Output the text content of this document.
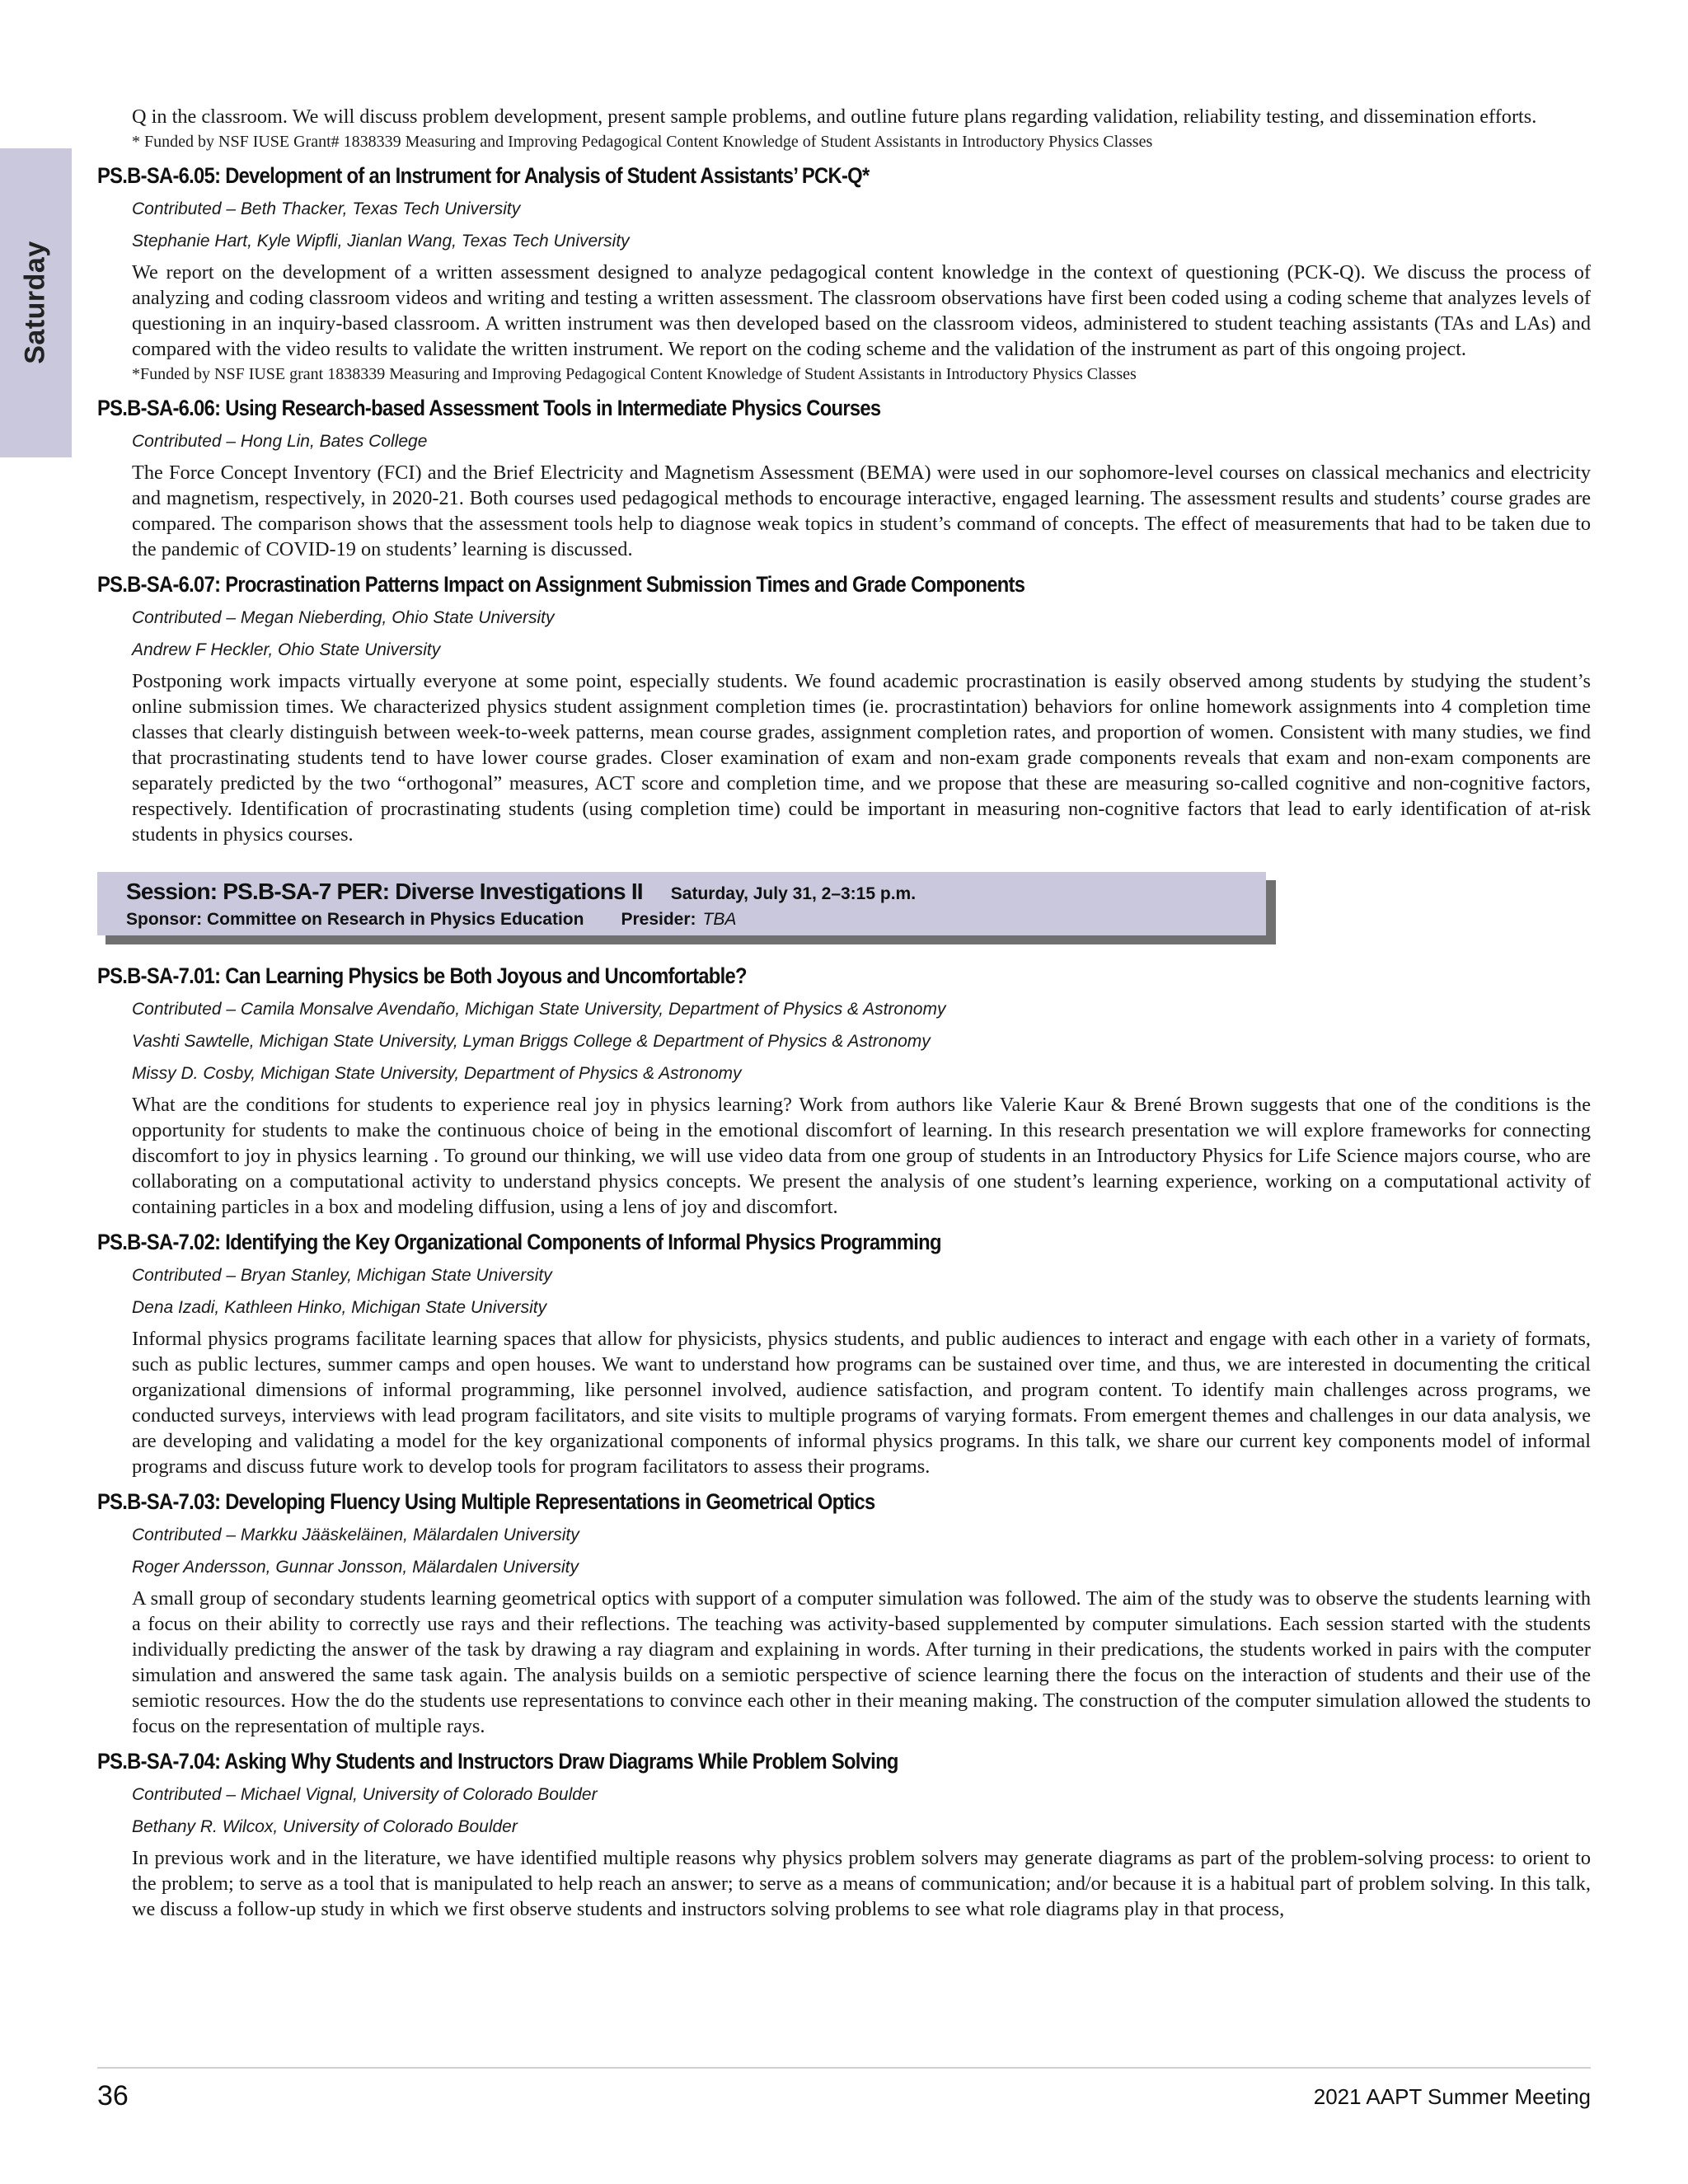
Saturday

Q in the classroom. We will discuss problem development, present sample problems, and outline future plans regarding validation, reliability testing, and dissemination efforts.

* Funded by NSF IUSE Grant# 1838339 Measuring and Improving Pedagogical Content Knowledge of Student Assistants in Introductory Physics Classes

PS.B-SA-6.05: Development of an Instrument for Analysis of Student Assistants’ PCK-Q*
Contributed – Beth Thacker, Texas Tech University
Stephanie Hart, Kyle Wipfli, Jianlan Wang, Texas Tech University

We report on the development of a written assessment designed to analyze pedagogical content knowledge in the context of questioning (PCK-Q). We discuss the process of analyzing and coding classroom videos and writing and testing a written assessment. The classroom observations have first been coded using a coding scheme that analyzes levels of questioning in an inquiry-based classroom. A written instrument was then developed based on the classroom videos, administered to student teaching assistants (TAs and LAs) and compared with the video results to validate the written instrument. We report on the coding scheme and the validation of the instrument as part of this ongoing project.

*Funded by NSF IUSE grant 1838339 Measuring and Improving Pedagogical Content Knowledge of Student Assistants in Introductory Physics Classes

PS.B-SA-6.06: Using Research-based Assessment Tools in Intermediate Physics Courses
Contributed – Hong Lin, Bates College

The Force Concept Inventory (FCI) and the Brief Electricity and Magnetism Assessment (BEMA) were used in our sophomore-level courses on classical mechanics and electricity and magnetism, respectively, in 2020-21. Both courses used pedagogical methods to encourage interactive, engaged learning. The assessment results and students’ course grades are compared. The comparison shows that the assessment tools help to diagnose weak topics in student’s command of concepts. The effect of measurements that had to be taken due to the pandemic of COVID-19 on students’ learning is discussed.

PS.B-SA-6.07: Procrastination Patterns Impact on Assignment Submission Times and Grade Components
Contributed – Megan Nieberding, Ohio State University
Andrew F Heckler, Ohio State University

Postponing work impacts virtually everyone at some point, especially students. We found academic procrastination is easily observed among students by studying the student’s online submission times. We characterized physics student assignment completion times (ie. procrastintation) behaviors for online homework assignments into 4 completion time classes that clearly distinguish between week-to-week patterns, mean course grades, assignment completion rates, and proportion of women. Consistent with many studies, we find that procrastinating students tend to have lower course grades. Closer examination of exam and non-exam grade components reveals that exam and non-exam components are separately predicted by the two “orthogonal” measures, ACT score and completion time, and we propose that these are measuring so-called cognitive and non-cognitive factors, respectively. Identification of procrastinating students (using completion time) could be important in measuring non-cognitive factors that lead to early identification of at-risk students in physics courses.

Session: PS.B-SA-7 PER: Diverse Investigations II Saturday, July 31, 2–3:15 p.m.
Sponsor: Committee on Research in Physics Education Presider: TBA
PS.B-SA-7.01: Can Learning Physics be Both Joyous and Uncomfortable?
Contributed – Camila Monsalve Avendaño, Michigan State University, Department of Physics & Astronomy
Vashti Sawtelle, Michigan State University, Lyman Briggs College & Department of Physics & Astronomy
Missy D. Cosby, Michigan State University, Department of Physics & Astronomy

What are the conditions for students to experience real joy in physics learning? Work from authors like Valerie Kaur & Brené Brown suggests that one of the conditions is the opportunity for students to make the continuous choice of being in the emotional discomfort of learning. In this research presentation we will explore frameworks for connecting discomfort to joy in physics learning . To ground our thinking, we will use video data from one group of students in an Introductory Physics for Life Science majors course, who are collaborating on a computational activity to understand physics concepts. We present the analysis of one student’s learning experience, working on a computational activity of containing particles in a box and modeling diffusion, using a lens of joy and discomfort.

PS.B-SA-7.02: Identifying the Key Organizational Components of Informal Physics Programming
Contributed – Bryan Stanley, Michigan State University
Dena Izadi, Kathleen Hinko, Michigan State University

Informal physics programs facilitate learning spaces that allow for physicists, physics students, and public audiences to interact and engage with each other in a variety of formats, such as public lectures, summer camps and open houses. We want to understand how programs can be sustained over time, and thus, we are interested in documenting the critical organizational dimensions of informal programming, like personnel involved, audience satisfaction, and program content. To identify main challenges across programs, we conducted surveys, interviews with lead program facilitators, and site visits to multiple programs of varying formats. From emergent themes and challenges in our data analysis, we are developing and validating a model for the key organizational components of informal physics programs. In this talk, we share our current key components model of informal programs and discuss future work to develop tools for program facilitators to assess their programs.

PS.B-SA-7.03: Developing Fluency Using Multiple Representations in Geometrical Optics
Contributed – Markku Jääskeläinen, Mälardalen University
Roger Andersson, Gunnar Jonsson, Mälardalen University

A small group of secondary students learning geometrical optics with support of a computer simulation was followed. The aim of the study was to observe the students learning with a focus on their ability to correctly use rays and their reflections. The teaching was activity-based supplemented by computer simulations. Each session started with the students individually predicting the answer of the task by drawing a ray diagram and explaining in words. After turning in their predications, the students worked in pairs with the computer simulation and answered the same task again. The analysis builds on a semiotic perspective of science learning there the focus on the interaction of students and their use of the semiotic resources. How the do the students use representations to convince each other in their meaning making. The construction of the computer simulation allowed the students to focus on the representation of multiple rays.

PS.B-SA-7.04: Asking Why Students and Instructors Draw Diagrams While Problem Solving
Contributed – Michael Vignal, University of Colorado Boulder
Bethany R. Wilcox, University of Colorado Boulder

In previous work and in the literature, we have identified multiple reasons why physics problem solvers may generate diagrams as part of the problem-solving process: to orient to the problem; to serve as a tool that is manipulated to help reach an answer; to serve as a means of communication; and/or because it is a habitual part of problem solving. In this talk, we discuss a follow-up study in which we first observe students and instructors solving problems to see what role diagrams play in that process,

36	2021 AAPT Summer Meeting
